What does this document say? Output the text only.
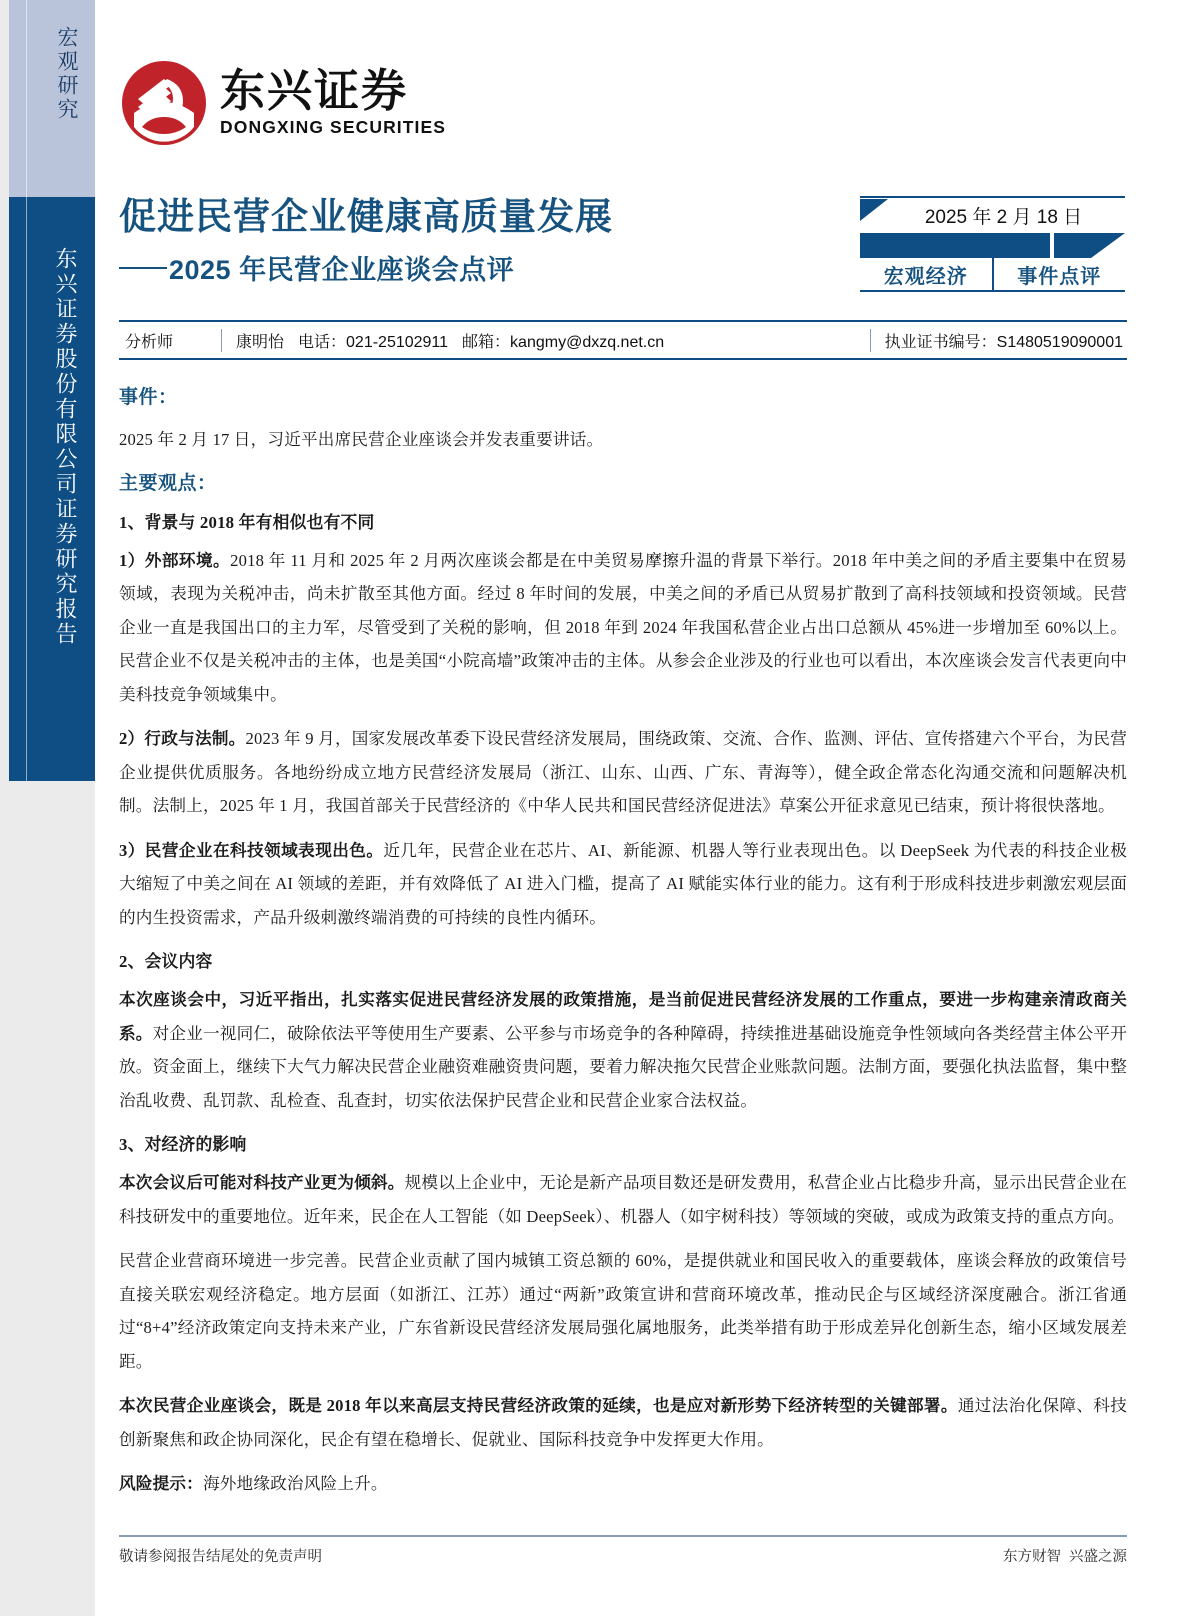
宏观研究
东兴证券股份有限公司证券研究报告
东兴证券
DONGXING SECURITIES
促进民营企业健康高质量发展
2025 年民营企业座谈会点评
2025 年 2 月 18 日
宏观经济	事件点评
分析师	康明怡 电话：021-25102911 邮箱：kangmy@dxzq.net.cn	执业证书编号：S1480519090001
事件：

2025 年 2 月 17 日，习近平出席民营企业座谈会并发表重要讲话。

主要观点：
1、背景与 2018 年有相似也有不同

1）外部环境。2018 年 11 月和 2025 年 2 月两次座谈会都是在中美贸易摩擦升温的背景下举行。2018 年中美之间的矛盾主要集中在贸易领域，表现为关税冲击，尚未扩散至其他方面。经过 8 年时间的发展，中美之间的矛盾已从贸易扩散到了高科技领域和投资领域。民营企业一直是我国出口的主力军，尽管受到了关税的影响，但 2018 年到 2024 年我国私营企业占出口总额从 45%进一步增加至 60%以上。民营企业不仅是关税冲击的主体，也是美国“小院高墙”政策冲击的主体。从参会企业涉及的行业也可以看出，本次座谈会发言代表更向中美科技竞争领域集中。

2）行政与法制。2023 年 9 月，国家发展改革委下设民营经济发展局，围绕政策、交流、合作、监测、评估、宣传搭建六个平台，为民营企业提供优质服务。各地纷纷成立地方民营经济发展局（浙江、山东、山西、广东、青海等），健全政企常态化沟通交流和问题解决机制。法制上，2025 年 1 月，我国首部关于民营经济的《中华人民共和国民营经济促进法》草案公开征求意见已结束，预计将很快落地。

3）民营企业在科技领域表现出色。近几年，民营企业在芯片、AI、新能源、机器人等行业表现出色。以 DeepSeek 为代表的科技企业极大缩短了中美之间在 AI 领域的差距，并有效降低了 AI 进入门槛，提高了 AI 赋能实体行业的能力。这有利于形成科技进步刺激宏观层面的内生投资需求，产品升级刺激终端消费的可持续的良性内循环。

2、会议内容

本次座谈会中，习近平指出，扎实落实促进民营经济发展的政策措施，是当前促进民营经济发展的工作重点，要进一步构建亲清政商关系。对企业一视同仁，破除依法平等使用生产要素、公平参与市场竞争的各种障碍，持续推进基础设施竞争性领域向各类经营主体公平开放。资金面上，继续下大气力解决民营企业融资难融资贵问题，要着力解决拖欠民营企业账款问题。法制方面，要强化执法监督，集中整治乱收费、乱罚款、乱检查、乱查封，切实依法保护民营企业和民营企业家合法权益。

3、对经济的影响

本次会议后可能对科技产业更为倾斜。规模以上企业中，无论是新产品项目数还是研发费用，私营企业占比稳步升高，显示出民营企业在科技研发中的重要地位。近年来，民企在人工智能（如 DeepSeek）、机器人（如宇树科技）等领域的突破，或成为政策支持的重点方向。

民营企业营商环境进一步完善。民营企业贡献了国内城镇工资总额的 60%，是提供就业和国民收入的重要载体，座谈会释放的政策信号直接关联宏观经济稳定。地方层面（如浙江、江苏）通过“两新”政策宣讲和营商环境改革，推动民企与区域经济深度融合。浙江省通过“8+4”经济政策定向支持未来产业，广东省新设民营经济发展局强化属地服务，此类举措有助于形成差异化创新生态，缩小区域发展差距。

本次民营企业座谈会，既是 2018 年以来高层支持民营经济政策的延续，也是应对新形势下经济转型的关键部署。通过法治化保障、科技创新聚焦和政企协同深化，民企有望在稳增长、促就业、国际科技竞争中发挥更大作用。

风险提示：海外地缘政治风险上升。

敬请参阅报告结尾处的免责声明	东方财智 兴盛之源
